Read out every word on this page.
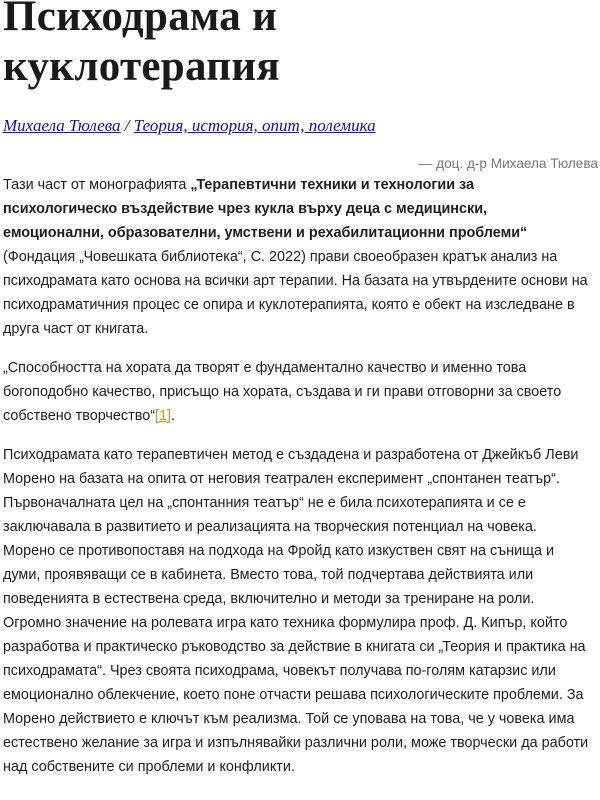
Психодрама и
куклотерапия
Михаела Тюлева / Теория, история, опит, полемика
— доц. д-р Михаела Тюлева

Тази част от монографията „Терапевтични техники и технологии за психологическо въздействие чрез кукла върху деца с медицински, емоционални, образователни, умствени и рехабилитационни проблеми“ (Фондация „Човешката библиотека“, С. 2022) прави своеобразен кратък анализ на психодрамата като основа на всички арт терапии. На базата на утвърдените основи на психодраматичния процес се опира и куклотерапията, която е обект на изследване в друга част от книгата.

„Способността на хората да творят е фундаментално качество и именно това богоподобно качество, присъщо на хората, създава и ги прави отговорни за своето собствено творчество“[1].

Психодрамата като терапевтичен метод е създадена и разработена от Джейкъб Леви Морено на базата на опита от неговия театрален експеримент „спонтанен театър“. Първоначалната цел на „спонтанния театър“ не е била психотерапията и се е заключавала в развитието и реализацията на творческия потенциал на човека. Морено се противопоставя на подхода на Фройд като изкуствен свят на сънища и думи, проявяващи се в кабинета. Вместо това, той подчертава действията или поведенията в естествена среда, включително и методи за трениране на роли. Огромно значение на ролевата игра като техника формулира проф. Д. Кипър, който разработва и практическо ръководство за действие в книгата си „Теория и практика на психодрамата“. Чрез своята психодрама, човекът получава по-голям катарзис или емоционално облекчение, което поне отчасти решава психологическите проблеми. За Морено действието е ключът към реализма. Той се уповава на това, че у човека има естествено желание за игра и изпълнявайки различни роли, може творчески да работи над собствените си проблеми и конфликти.
